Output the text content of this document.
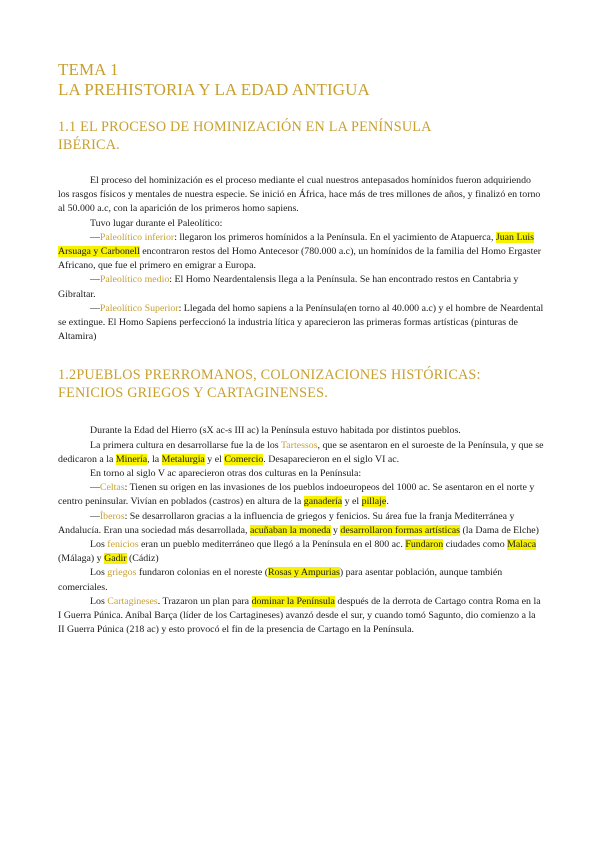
TEMA 1
LA PREHISTORIA Y LA EDAD ANTIGUA
1.1 EL PROCESO DE HOMINIZACIÓN EN LA PENÍNSULA
IBÉRICA.

El proceso del hominización es el proceso mediante el cual nuestros antepasados homínidos fueron adquiriendo los rasgos físicos y mentales de nuestra especie. Se inició en África, hace más de tres millones de años, y finalizó en torno al 50.000 a.c, con la aparición de los primeros homo sapiens.

Tuvo lugar durante el Paleolítico:

—Paleolítico inferior: llegaron los primeros homínidos a la Península. En el yacimiento de Atapuerca, Juan Luis Arsuaga y Carbonell encontraron restos del Homo Antecesor (780.000 a.c), un homínidos de la familia del Homo Ergaster Africano, que fue el primero en emigrar a Europa.

—Paleolítico medio: El Homo Neardentalensis llega a la Península. Se han encontrado restos en Cantabria y Gibraltar.

—Paleolítico Superior: Llegada del homo sapiens a la Península(en torno al 40.000 a.c) y el hombre de Neardental se extingue. El Homo Sapiens perfeccionó la industria lítica y aparecieron las primeras formas artísticas (pinturas de Altamira)

1.2PUEBLOS PRERROMANOS, COLONIZACIONES HISTÓRICAS:
FENICIOS GRIEGOS Y CARTAGINENSES.

Durante la Edad del Hierro (sX ac-s III ac) la Península estuvo habitada por distintos pueblos.

La primera cultura en desarrollarse fue la de los Tartessos, que se asentaron en el suroeste de la Península, y que se dedicaron a la Minería, la Metalurgia y el Comercio. Desaparecieron en el siglo VI ac.

En torno al siglo V ac aparecieron otras dos culturas en la Península:

—Celtas: Tienen su origen en las invasiones de los pueblos indoeuropeos del 1000 ac. Se asentaron en el norte y centro peninsular. Vivían en poblados (castros) en altura de la ganadería y el pillaje.

—Íberos: Se desarrollaron gracias a la influencia de griegos y fenicios. Su área fue la franja Mediterránea y Andalucía. Eran una sociedad más desarrollada, acuñaban la moneda y desarrollaron formas artísticas (la Dama de Elche)

Los fenicios eran un pueblo mediterráneo que llegó a la Península en el 800 ac. Fundaron ciudades como Malaca (Málaga) y Gadir (Cádiz)

Los griegos fundaron colonias en el noreste (Rosas y Ampurias) para asentar población, aunque también comerciales.

Los Cartagineses. Trazaron un plan para dominar la Península después de la derrota de Cartago contra Roma en la I Guerra Púnica. Aníbal Barça (líder de los Cartagineses) avanzó desde el sur, y cuando tomó Sagunto, dio comienzo a la II Guerra Púnica (218 ac) y esto provocó el fin de la presencia de Cartago en la Península.
